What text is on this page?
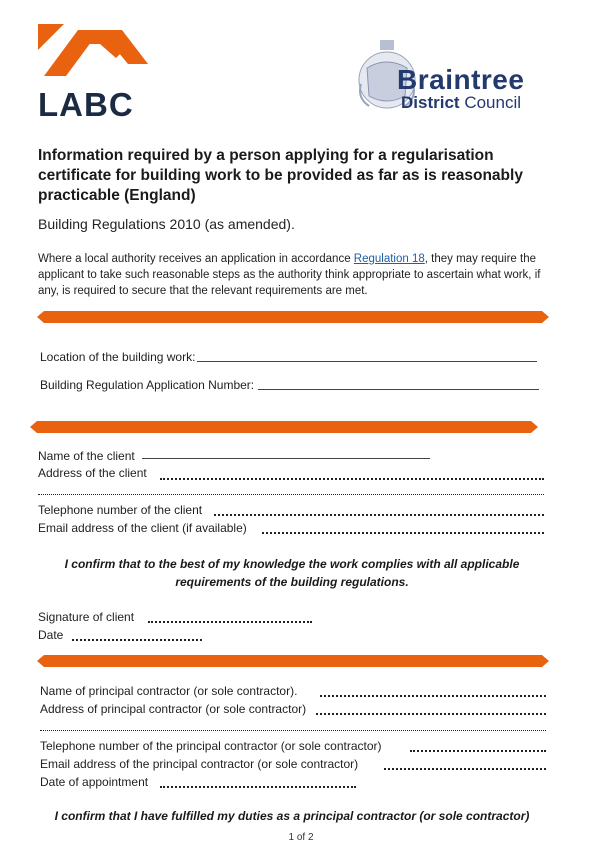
LABC
Braintree
District Council
Information required by a person applying for a regularisation certificate for building work to be provided as far as is reasonably practicable (England)
Building Regulations 2010 (as amended).
Where a local authority receives an application in accordance Regulation 18, they may require the applicant to take such reasonable steps as the authority think appropriate to ascertain what work, if any, is required to secure that the relevant requirements are met.
Location of the building work:
Building Regulation Application Number:
Name of the client
Address of the client
Telephone number of the client
Email address of the client (if available)
I confirm that to the best of my knowledge the work complies with all applicable requirements of the building regulations.
Signature of client
Date
Name of principal contractor (or sole contractor).
Address of principal contractor (or sole contractor)
Telephone number of the principal contractor (or sole contractor)
Email address of the principal contractor (or sole contractor)
Date of appointment
I confirm that I have fulfilled my duties as a principal contractor (or sole contractor)
1 of 2
